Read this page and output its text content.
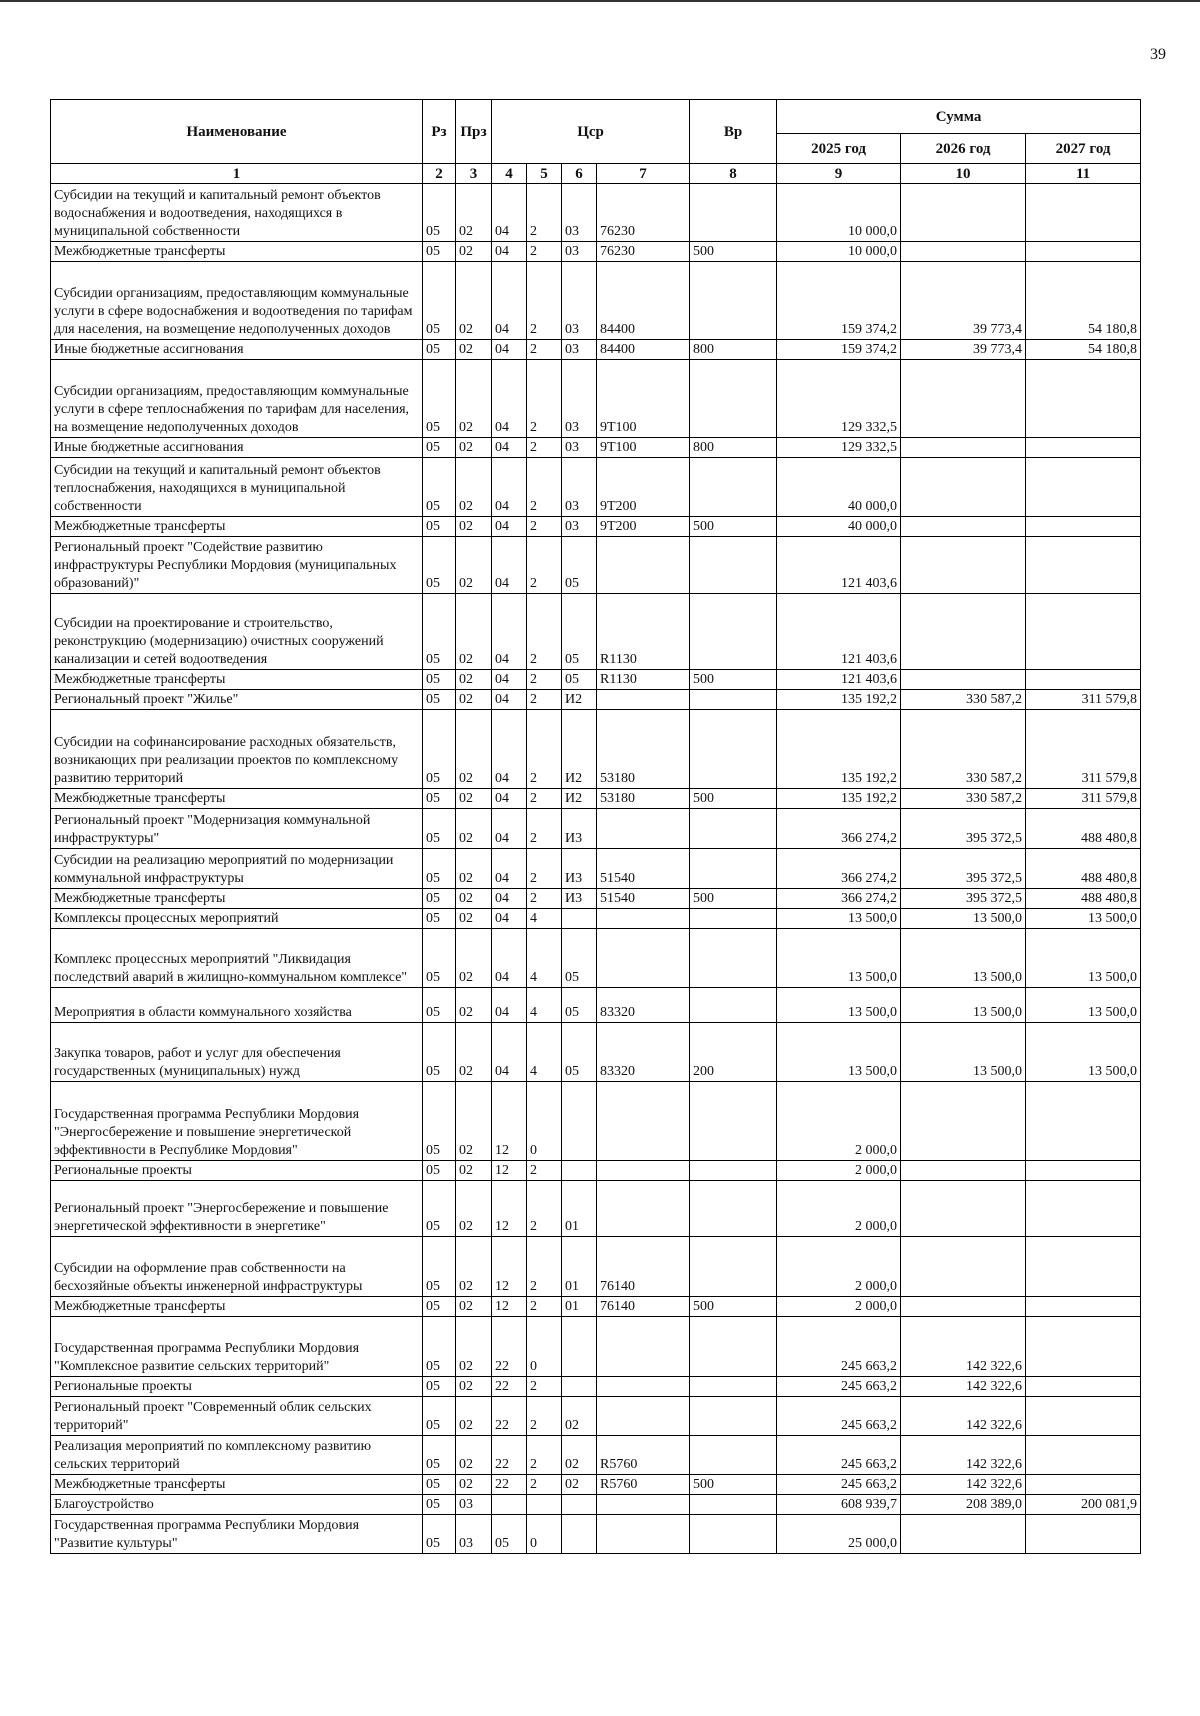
39
Наименование	Рз	Прз	Цср				Вр	Сумма		
								2025 год	2026 год	2027 год
1	2	3	4	5	6	7	8	9	10	11
Субсидии на текущий и капитальный ремонт объектов водоснабжения и водоотведения, находящихся в муниципальной собственности	05	02	04	2	03	76230		10 000,0		
Межбюджетные трансферты	05	02	04	2	03	76230	500	10 000,0		
Субсидии организациям, предоставляющим коммунальные услуги в сфере водоснабжения и водоотведения по тарифам для населения, на возмещение недополученных доходов	05	02	04	2	03	84400		159 374,2	39 773,4	54 180,8
Иные бюджетные ассигнования	05	02	04	2	03	84400	800	159 374,2	39 773,4	54 180,8
Субсидии организациям, предоставляющим коммунальные услуги в сфере теплоснабжения по тарифам для населения, на возмещение недополученных доходов	05	02	04	2	03	9Т100		129 332,5		
Иные бюджетные ассигнования	05	02	04	2	03	9Т100	800	129 332,5		
Субсидии на текущий и капитальный ремонт объектов теплоснабжения, находящихся в муниципальной собственности	05	02	04	2	03	9Т200		40 000,0		
Межбюджетные трансферты	05	02	04	2	03	9Т200	500	40 000,0		
Региональный проект "Содействие развитию инфраструктуры Республики Мордовия (муниципальных образований)"	05	02	04	2	05			121 403,6		
Субсидии на проектирование и строительство, реконструкцию (модернизацию) очистных сооружений канализации и сетей водоотведения	05	02	04	2	05	R1130		121 403,6		
Межбюджетные трансферты	05	02	04	2	05	R1130	500	121 403,6		
Региональный проект "Жилье"	05	02	04	2	И2			135 192,2	330 587,2	311 579,8
Субсидии на софинансирование расходных обязательств, возникающих при реализации проектов по комплексному развитию территорий	05	02	04	2	И2	53180		135 192,2	330 587,2	311 579,8
Межбюджетные трансферты	05	02	04	2	И2	53180	500	135 192,2	330 587,2	311 579,8
Региональный проект "Модернизация коммунальной инфраструктуры"	05	02	04	2	И3			366 274,2	395 372,5	488 480,8
Субсидии на реализацию мероприятий по модернизации коммунальной инфраструктуры	05	02	04	2	И3	51540		366 274,2	395 372,5	488 480,8
Межбюджетные трансферты	05	02	04	2	И3	51540	500	366 274,2	395 372,5	488 480,8
Комплексы процессных мероприятий	05	02	04	4				13 500,0	13 500,0	13 500,0
Комплекс процессных мероприятий "Ликвидация последствий аварий в жилищно-коммунальном комплексе"	05	02	04	4	05			13 500,0	13 500,0	13 500,0
Мероприятия в области коммунального хозяйства	05	02	04	4	05	83320		13 500,0	13 500,0	13 500,0
Закупка товаров, работ и услуг для обеспечения государственных (муниципальных) нужд	05	02	04	4	05	83320	200	13 500,0	13 500,0	13 500,0
Государственная программа Республики Мордовия "Энергосбережение и повышение энергетической эффективности в Республике Мордовия"	05	02	12	0				2 000,0		
Региональные проекты	05	02	12	2				2 000,0		
Региональный проект "Энергосбережение и повышение энергетической эффективности в энергетике"	05	02	12	2	01			2 000,0		
Субсидии на оформление прав собственности на бесхозяйные объекты инженерной инфраструктуры	05	02	12	2	01	76140		2 000,0		
Межбюджетные трансферты	05	02	12	2	01	76140	500	2 000,0		
Государственная программа Республики Мордовия "Комплексное развитие сельских территорий"	05	02	22	0				245 663,2	142 322,6	
Региональные проекты	05	02	22	2				245 663,2	142 322,6	
Региональный проект "Современный облик сельских территорий"	05	02	22	2	02			245 663,2	142 322,6	
Реализация мероприятий по комплексному развитию сельских территорий	05	02	22	2	02	R5760		245 663,2	142 322,6	
Межбюджетные трансферты	05	02	22	2	02	R5760	500	245 663,2	142 322,6	
Благоустройство	05	03						608 939,7	208 389,0	200 081,9
Государственная программа Республики Мордовия "Развитие культуры"	05	03	05	0				25 000,0		
